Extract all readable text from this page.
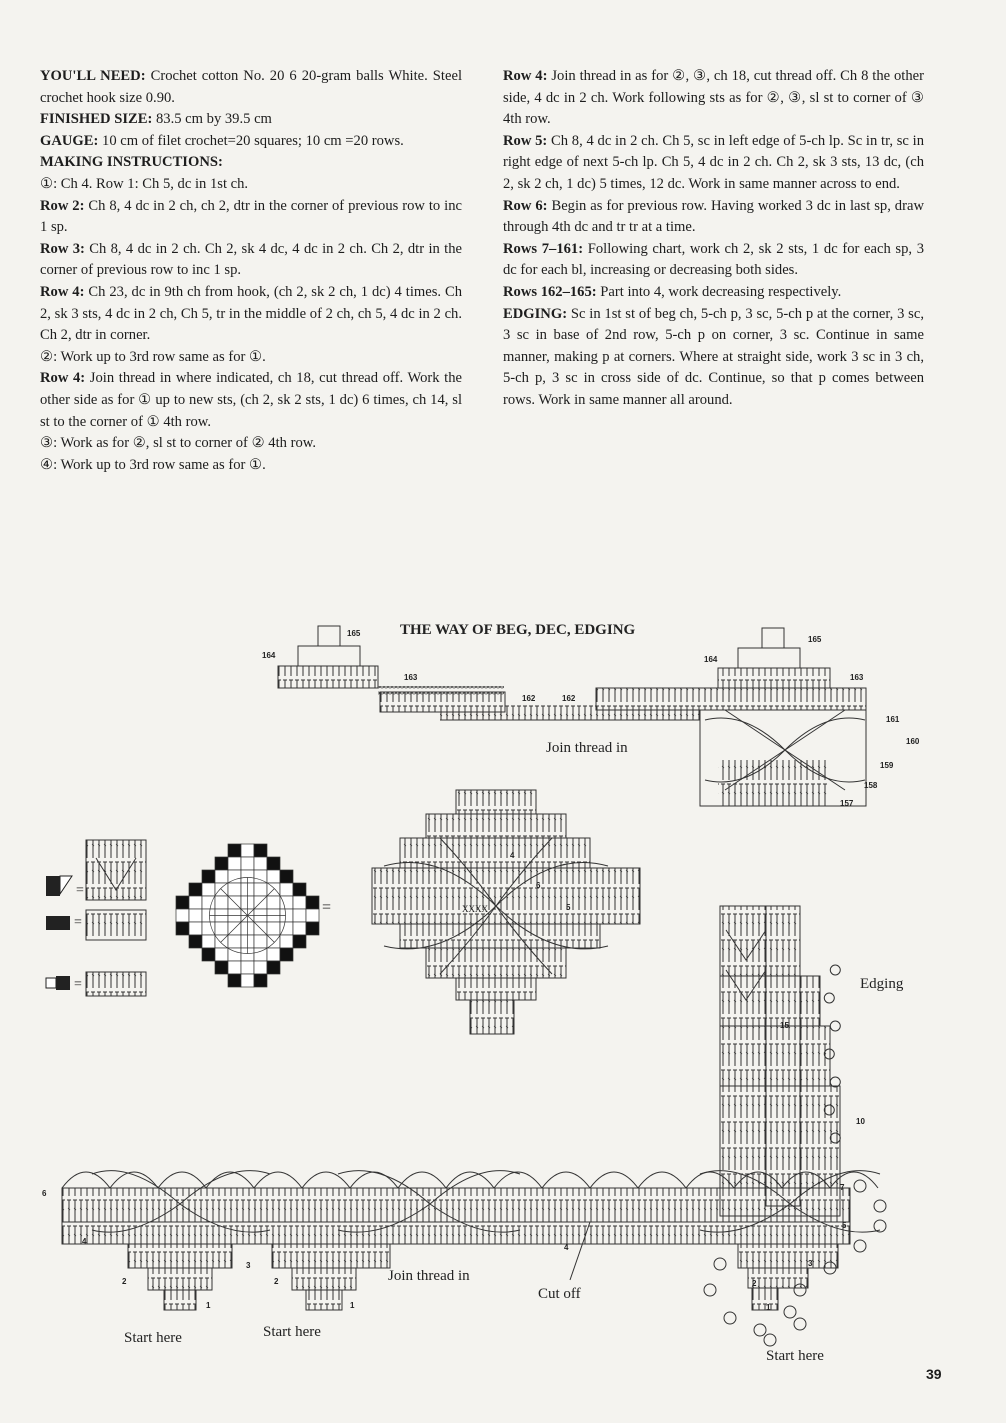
YOU'LL NEED: Crochet cotton No. 20 6 20-gram balls White. Steel crochet hook size 0.90.

FINISHED SIZE: 83.5 cm by 39.5 cm

GAUGE: 10 cm of filet crochet=20 squares; 10 cm =20 rows.

MAKING INSTRUCTIONS:

①: Ch 4. Row 1: Ch 5, dc in 1st ch.

Row 2: Ch 8, 4 dc in 2 ch, ch 2, dtr in the corner of previous row to inc 1 sp.

Row 3: Ch 8, 4 dc in 2 ch. Ch 2, sk 4 dc, 4 dc in 2 ch. Ch 2, dtr in the corner of previous row to inc 1 sp.

Row 4: Ch 23, dc in 9th ch from hook, (ch 2, sk 2 ch, 1 dc) 4 times. Ch 2, sk 3 sts, 4 dc in 2 ch, Ch 5, tr in the middle of 2 ch, ch 5, 4 dc in 2 ch. Ch 2, dtr in corner.

②: Work up to 3rd row same as for ①.

Row 4: Join thread in where indicated, ch 18, cut thread off. Work the other side as for ① up to new sts, (ch 2, sk 2 sts, 1 dc) 6 times, ch 14, sl st to the corner of ① 4th row.

③: Work as for ②, sl st to corner of ② 4th row.

④: Work up to 3rd row same as for ①.

Row 4: Join thread in as for ②, ③, ch 18, cut thread off. Ch 8 the other side, 4 dc in 2 ch. Work following sts as for ②, ③, sl st to corner of ③ 4th row.

Row 5: Ch 8, 4 dc in 2 ch. Ch 5, sc in left edge of 5-ch lp. Sc in tr, sc in right edge of next 5-ch lp. Ch 5, 4 dc in 2 ch. Ch 2, sk 3 sts, 13 dc, (ch 2, sk 2 ch, 1 dc) 5 times, 12 dc. Work in same manner across to end.

Row 6: Begin as for previous row. Having worked 3 dc in last sp, draw through 4th dc and tr tr at a time.

Rows 7–161: Following chart, work ch 2, sk 2 sts, 1 dc for each sp, 3 dc for each bl, increasing or decreasing both sides.

Rows 162–165: Part into 4, work decreasing respectively.

EDGING: Sc in 1st st of beg ch, 5-ch p, 3 sc, 5-ch p at the corner, 3 sc, 3 sc in base of 2nd row, 5-ch p on corner, 3 sc. Continue in same manner, making p at corners. Where at straight side, work 3 sc in 3 ch, 5-ch p, 3 sc in cross side of dc. Continue, so that p comes between rows. Work in same manner all around.

THE WAY OF BEG, DEC, EDGING
165
164
163
162	162
165
164
163
161
160
159
158
157
Join thread in
=
=
=
=	XXXX
4
6
5
Edging
15
10
6
4
2
3
1
2
1
4
7
5
3
2
1
Join thread in
Cut off
Start here	Start here
Start here
39
